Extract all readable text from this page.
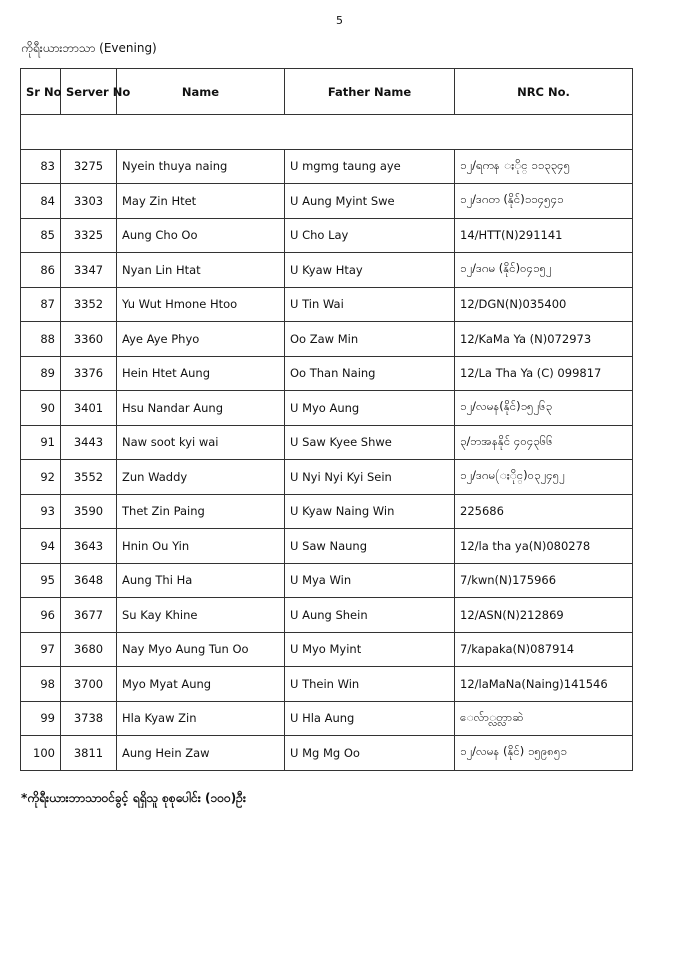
5
ကိုရီးယားဘာသာ (Evening)
Sr No	Server No	Name	Father Name	NRC No.

83	3275	Nyein thuya naing	U mgmg taung aye	၁၂/ရကန ႏိုင္ ၁၁၃၃၄၅
84	3303	May Zin Htet	U Aung Myint Swe	၁၂/ဒဂတ (နိုင်)၁၁၄၅၄၁
85	3325	Aung Cho Oo	U Cho Lay	14/HTT(N)291141
86	3347	Nyan Lin Htat	U Kyaw Htay	၁၂/ဒဂမ (နိုင်)၀၄၁၅၂
87	3352	Yu Wut Hmone Htoo	U Tin Wai	12/DGN(N)035400
88	3360	Aye Aye Phyo	Oo Zaw Min	12/KaMa Ya (N)072973
89	3376	Hein Htet Aung	Oo Than Naing	12/La Tha Ya (C) 099817
90	3401	Hsu Nandar Aung	U Myo Aung	၁၂/လမန(နိုင်)၁၅၂၆၃
91	3443	Naw soot kyi wai	U Saw Kyee Shwe	၃/ဘအနနိုင် ၄၀၄၃၆၆
92	3552	Zun Waddy	U Nyi Nyi Kyi Sein	၁၂/ဒဂမ(ႏိုင္)၀၃၂၄၅၂
93	3590	Thet Zin Paing	U Kyaw Naing Win	225686
94	3643	Hnin Ou Yin	U Saw Naung	12/la tha ya(N)080278
95	3648	Aung Thi Ha	U Mya Win	7/kwn(N)175966
96	3677	Su Kay Khine	U Aung Shein	12/ASN(N)212869
97	3680	Nay Myo Aung Tun Oo	U Myo Myint	7/kapaka(N)087914
98	3700	Myo Myat Aung	U Thein Win	12/laMaNa(Naing)141546
99	3738	Hla Kyaw Zin	U Hla Aung	ေလ်ာ္လတ္လာဆဲ
100	3811	Aung Hein Zaw	U Mg Mg Oo	၁၂/လမန (နိုင်) ၁၅၉၈၅၁
*ကိုရီးယားဘာသာဝင်ခွင့် ရရှိသူ စုစုပေါင်း (၁၀၀)ဦး
